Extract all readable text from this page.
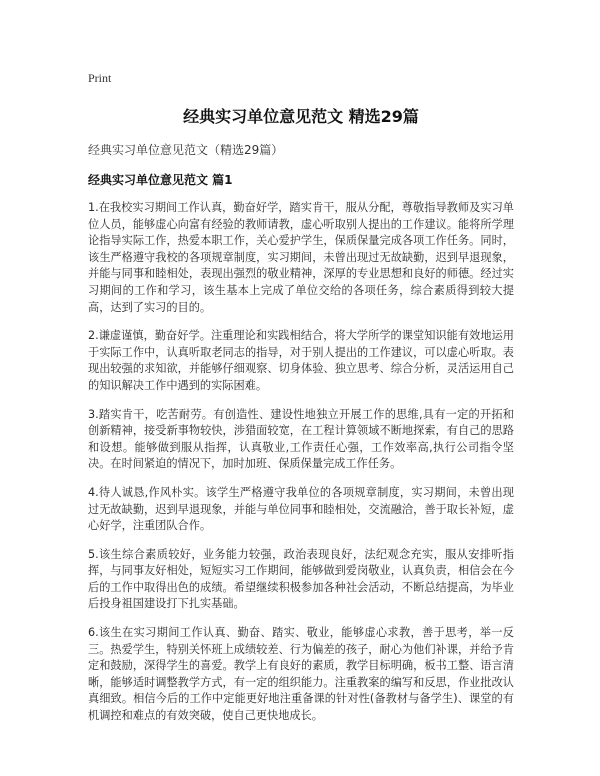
Print

经典实习单位意见范文 精选29篇

经典实习单位意见范文（精选29篇）

经典实习单位意见范文 篇1

1.在我校实习期间工作认真，勤奋好学，踏实肯干，服从分配，尊敬指导教师及实习单位人员，能够虚心向富有经验的教师请教，虚心听取别人提出的工作建议。能将所学理论指导实际工作，热爱本职工作，关心爱护学生，保质保量完成各项工作任务。同时，该生严格遵守我校的各项规章制度，实习期间，未曾出现过无故缺勤，迟到早退现象，并能与同事和睦相处，表现出强烈的敬业精神，深厚的专业思想和良好的师德。经过实习期间的工作和学习，该生基本上完成了单位交给的各项任务，综合素质得到较大提高，达到了实习的目的。

2.谦虚谨慎，勤奋好学。注重理论和实践相结合，将大学所学的课堂知识能有效地运用于实际工作中，认真听取老同志的指导，对于别人提出的工作建议，可以虚心听取。表现出较强的求知欲，并能够仔细观察、切身体验、独立思考、综合分析，灵活运用自己的知识解决工作中遇到的实际困难。

3.踏实肯干，吃苦耐劳。有创造性、建设性地独立开展工作的思维,具有一定的开拓和创新精神，接受新事物较快，涉猎面较宽，在工程计算领域不断地探索，有自己的思路和设想。能够做到服从指挥，认真敬业,工作责任心强，工作效率高,执行公司指令坚决。在时间紧迫的情况下，加时加班、保质保量完成工作任务。

4.待人诚恳,作风朴实。该学生严格遵守我单位的各项规章制度，实习期间，未曾出现过无故缺勤，迟到早退现象，并能与单位同事和睦相处，交流融洽，善于取长补短，虚心好学，注重团队合作。

5.该生综合素质较好，业务能力较强，政治表现良好，法纪观念充实，服从安排听指挥，与同事友好相处，短短实习工作期间，能够做到爱岗敬业，认真负责，相信会在今后的工作中取得出色的成绩。希望继续积极参加各种社会活动，不断总结提高，为毕业后投身祖国建设打下扎实基础。

6.该生在实习期间工作认真、勤奋、踏实、敬业，能够虚心求教，善于思考，举一反三。热爱学生，特别关怀班上成绩较差、行为偏差的孩子，耐心为他们补课，并给予肯定和鼓励，深得学生的喜爱。教学上有良好的素质，教学目标明确，板书工整、语言清晰，能够适时调整教学方式，有一定的组织能力。注重教案的编写和反思，作业批改认真细致。相信今后的工作中定能更好地注重备课的针对性(备教材与备学生)、课堂的有机调控和难点的有效突破，使自己更快地成长。
